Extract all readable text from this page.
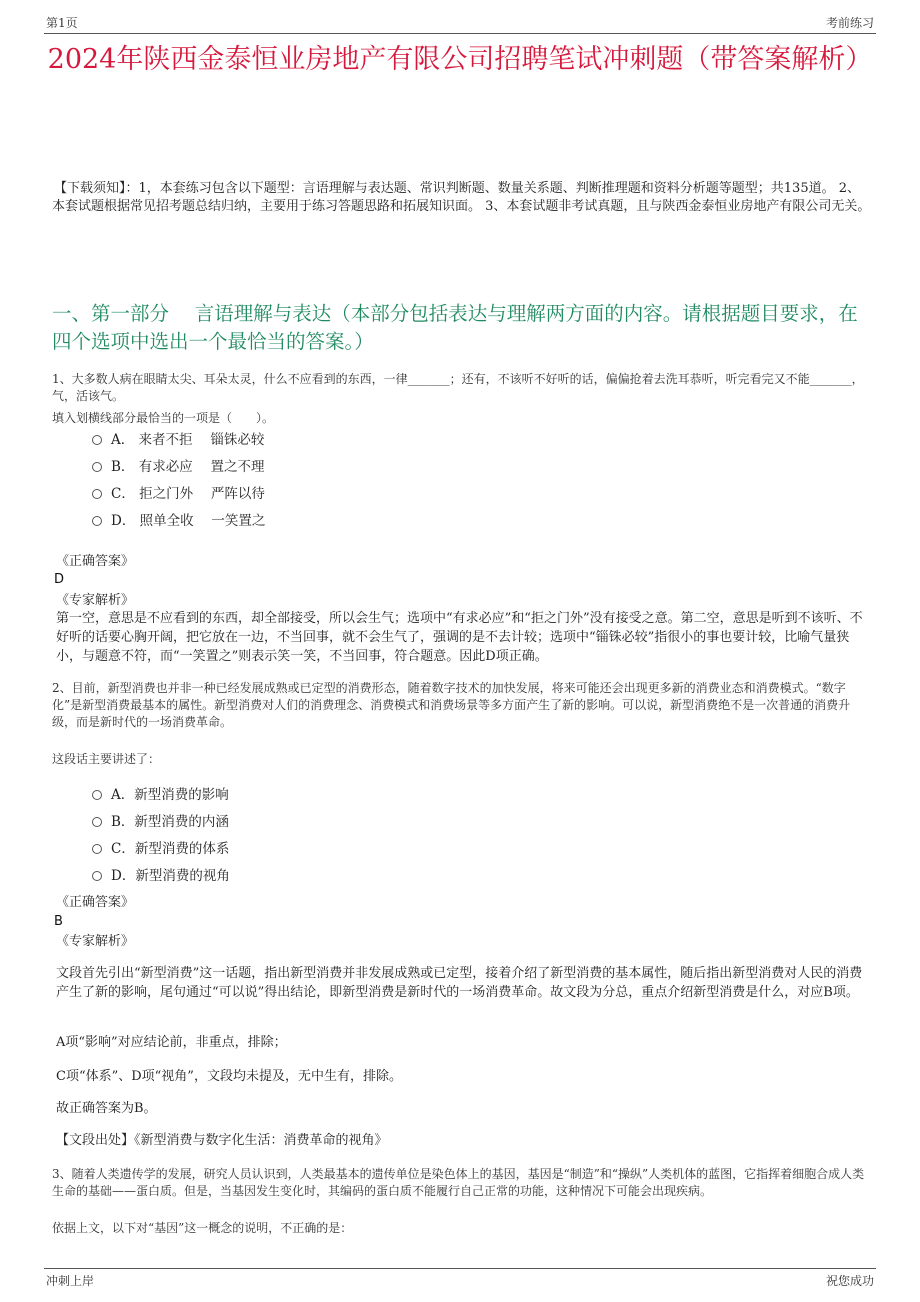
第1页	考前练习
2024年陕西金泰恒业房地产有限公司招聘笔试冲刺题（带答案解析）
【下载须知】：1，本套练习包含以下题型：言语理解与表达题、常识判断题、数量关系题、判断推理题和资料分析题等题型；共135道。 2、本套试题根据常见招考题总结归纳，主要用于练习答题思路和拓展知识面。 3、本套试题非考试真题，且与陕西金泰恒业房地产有限公司无关。
一、第一部分　 言语理解与表达（本部分包括表达与理解两方面的内容。请根据题目要求，在四个选项中选出一个最恰当的答案。）
1、大多数人病在眼睛太尖、耳朵太灵，什么不应看到的东西，一律_______；还有，不该听不好听的话，偏偏抢着去洗耳恭听，听完看完又不能_______，气，活该气。
填入划横线部分最恰当的一项是（　　）。
A． 来者不拒　 锱铢必较
B． 有求必应　 置之不理
C． 拒之门外　 严阵以待
D． 照单全收　 一笑置之
《正确答案》
D
《专家解析》
第一空，意思是不应看到的东西，却全部接受，所以会生气；选项中“有求必应”和“拒之门外”没有接受之意。第二空，意思是听到不该听、不好听的话要心胸开阔，把它放在一边，不当回事，就不会生气了，强调的是不去计较；选项中“锱铢必较”指很小的事也要计较，比喻气量狭小，与题意不符，而“一笑置之”则表示笑一笑，不当回事，符合题意。因此D项正确。
2、目前，新型消费也并非一种已经发展成熟或已定型的消费形态，随着数字技术的加快发展，将来可能还会出现更多新的消费业态和消费模式。“数字化”是新型消费最基本的属性。新型消费对人们的消费理念、消费模式和消费场景等多方面产生了新的影响。可以说，新型消费绝不是一次普通的消费升级，而是新时代的一场消费革命。
这段话主要讲述了：
A．新型消费的影响
B．新型消费的内涵
C．新型消费的体系
D．新型消费的视角
《正确答案》
B
《专家解析》
文段首先引出“新型消费”这一话题，指出新型消费并非发展成熟或已定型，接着介绍了新型消费的基本属性，随后指出新型消费对人民的消费产生了新的影响，尾句通过“可以说”得出结论，即新型消费是新时代的一场消费革命。故文段为分总，重点介绍新型消费是什么，对应B项。
A项“影响”对应结论前，非重点，排除；
C项“体系”、D项“视角”，文段均未提及，无中生有，排除。
故正确答案为B。
【文段出处】《新型消费与数字化生活：消费革命的视角》
3、随着人类遗传学的发展，研究人员认识到，人类最基本的遗传单位是染色体上的基因，基因是“制造”和“操纵”人类机体的蓝图，它指挥着细胞合成人类生命的基础——蛋白质。但是，当基因发生变化时，其编码的蛋白质不能履行自己正常的功能，这种情况下可能会出现疾病。
依据上文，以下对“基因”这一概念的说明，不正确的是：
冲刺上岸	祝您成功
